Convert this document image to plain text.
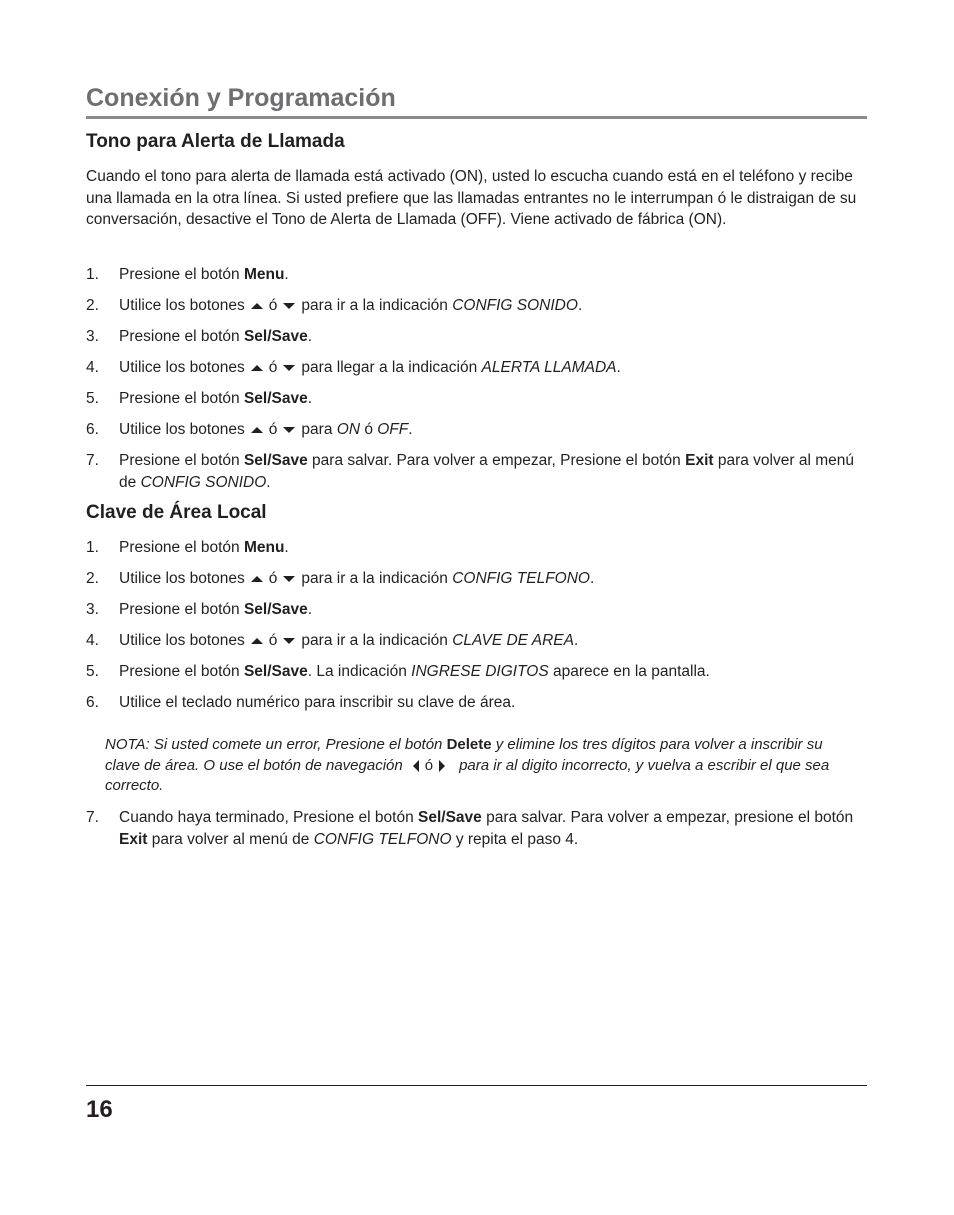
Conexión y Programación
Tono para Alerta de Llamada
Cuando el tono para alerta de llamada está activado (ON), usted lo escucha cuando está en el teléfono y recibe una llamada en la otra línea. Si usted prefiere que las llamadas entrantes no le interrumpan ó le distraigan de su conversación, desactive el Tono de Alerta de Llamada (OFF). Viene activado de fábrica (ON).
1. Presione el botón Menu.
2. Utilice los botones ó para ir a la indicación CONFIG SONIDO.
3. Presione el botón Sel/Save.
4. Utilice los botones ó para llegar a la indicación ALERTA LLAMADA.
5. Presione el botón Sel/Save.
6. Utilice los botones ó para ON ó OFF.
7. Presione el botón Sel/Save para salvar. Para volver a empezar, Presione el botón Exit para volver al menú de CONFIG SONIDO.
Clave de Área Local
1. Presione el botón Menu.
2. Utilice los botones ó para ir a la indicación CONFIG TELFONO.
3. Presione el botón Sel/Save.
4. Utilice los botones ó para ir a la indicación CLAVE DE AREA.
5. Presione el botón Sel/Save. La indicación INGRESE DIGITOS aparece en la pantalla.
6. Utilice el teclado numérico para inscribir su clave de área.
NOTA: Si usted comete un error, Presione el botón Delete y elimine los tres dígitos para volver a inscribir su clave de área. O use el botón de navegación ó para ir al digito incorrecto, y vuelva a escribir el que sea correcto.
7. Cuando haya terminado, Presione el botón Sel/Save para salvar. Para volver a empezar, presione el botón Exit para volver al menú de CONFIG TELFONO y repita el paso 4.
16
